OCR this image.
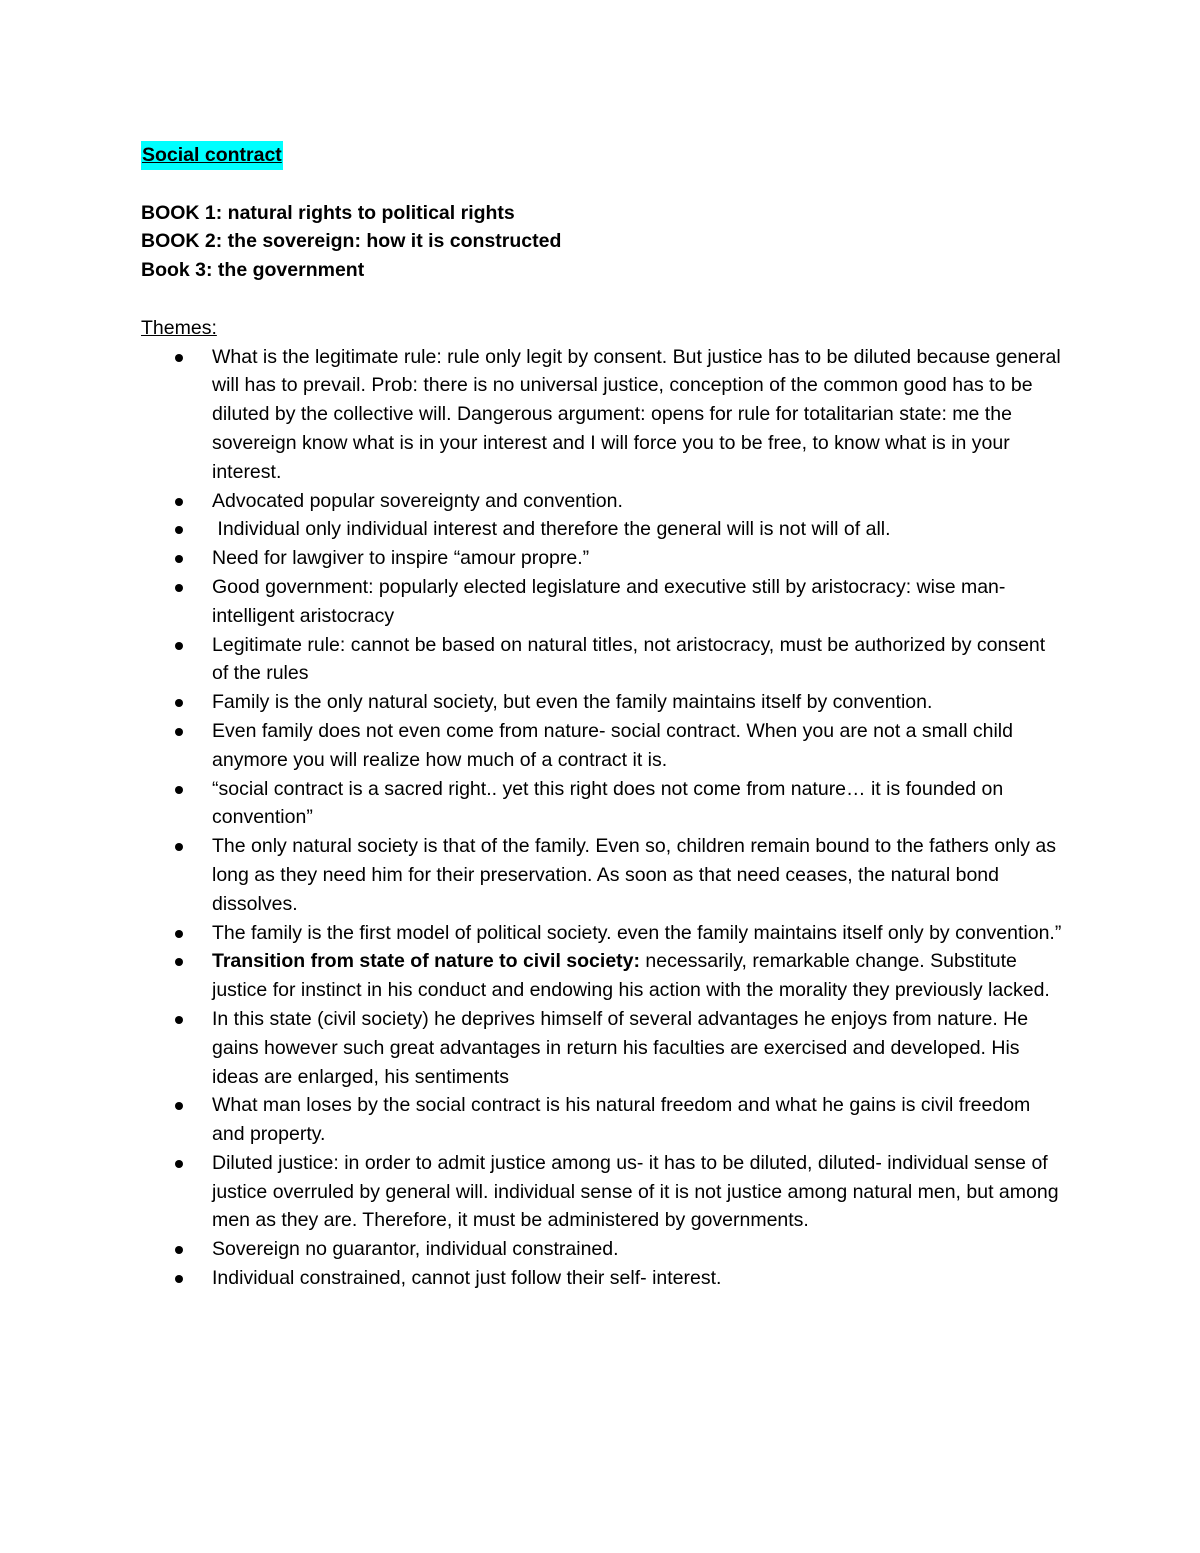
Social contract
BOOK 1: natural rights to political rights
BOOK 2: the sovereign: how it is constructed
Book 3: the government
Themes:
What is the legitimate rule: rule only legit by consent. But justice has to be diluted because general will has to prevail. Prob: there is no universal justice, conception of the common good has to be diluted by the collective will. Dangerous argument: opens for rule for totalitarian state: me the sovereign know what is in your interest and I will force you to be free, to know what is in your interest.
Advocated popular sovereignty and convention.
Individual only individual interest and therefore the general will is not will of all.
Need for lawgiver to inspire “amour propre.”
Good government: popularly elected legislature and executive still by aristocracy: wise man- intelligent aristocracy
Legitimate rule: cannot be based on natural titles, not aristocracy, must be authorized by consent of the rules
Family is the only natural society, but even the family maintains itself by convention.
Even family does not even come from nature- social contract. When you are not a small child anymore you will realize how much of a contract it is.
“social contract is a sacred right.. yet this right does not come from nature… it is founded on convention”
The only natural society is that of the family. Even so, children remain bound to the fathers only as long as they need him for their preservation. As soon as that need ceases, the natural bond dissolves.
The family is the first model of political society. even the family maintains itself only by convention.”
Transition from state of nature to civil society: necessarily, remarkable change. Substitute justice for instinct in his conduct and endowing his action with the morality they previously lacked.
In this state (civil society) he deprives himself of several advantages he enjoys from nature. He gains however such great advantages in return his faculties are exercised and developed. His ideas are enlarged, his sentiments
What man loses by the social contract is his natural freedom and what he gains is civil freedom and property.
Diluted justice: in order to admit justice among us- it has to be diluted, diluted- individual sense of justice overruled by general will. individual sense of it is not justice among natural men, but among men as they are. Therefore, it must be administered by governments.
Sovereign no guarantor, individual constrained.
Individual constrained, cannot just follow their self- interest.
